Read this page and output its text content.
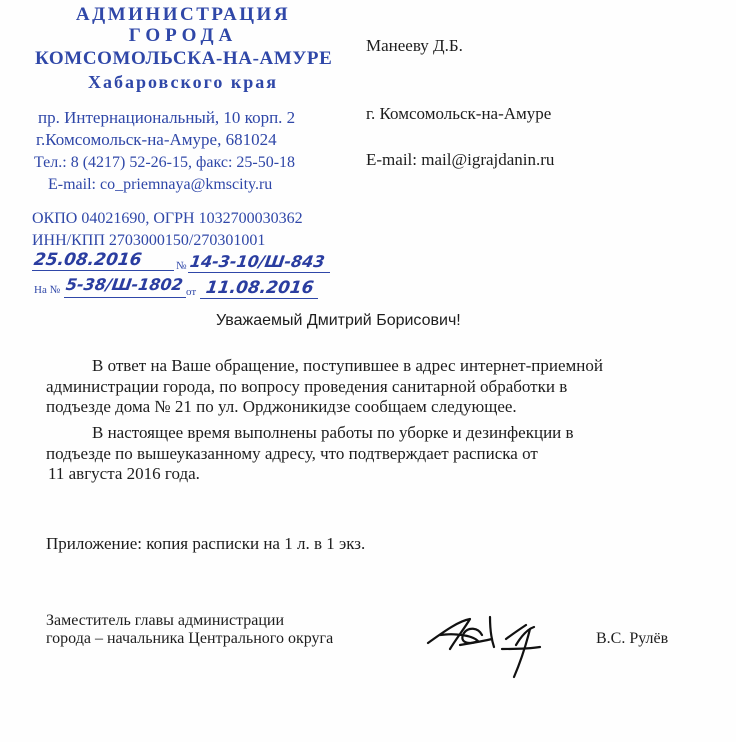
АДМИНИСТРАЦИЯ
ГОРОДА
КОМСОМОЛЬСКА-НА-АМУРЕ
Хабаровского края
пр. Интернациональный, 10 корп. 2
г.Комсомольск-на-Амуре, 681024
Тел.: 8 (4217) 52-26-15, факс: 25-50-18
E-mail: co_priemnaya@kmscity.ru
ОКПО 04021690, ОГРН 1032700030362
ИНН/КПП 2703000150/270301001
25.08.2016	№ 14-3-10/Ш-843
На № 5-38/Ш-1802 от 11.08.2016
Манееву Д.Б.
г. Комсомольск-на-Амуре
E-mail: mail@igrajdanin.ru
Уважаемый Дмитрий Борисович!
В ответ на Ваше обращение, поступившее в адрес интернет-приемной
администрации города, по вопросу проведения санитарной обработки в
подъезде дома № 21 по ул. Орджоникидзе сообщаем следующее.
В настоящее время выполнены работы по уборке и дезинфекции в
подъезде по вышеуказанному адресу, что подтверждает расписка от
11 августа 2016 года.
Приложение: копия расписки на 1 л. в 1 экз.
Заместитель главы администрации
города – начальника Центрального округа	В.С. Рулёв
